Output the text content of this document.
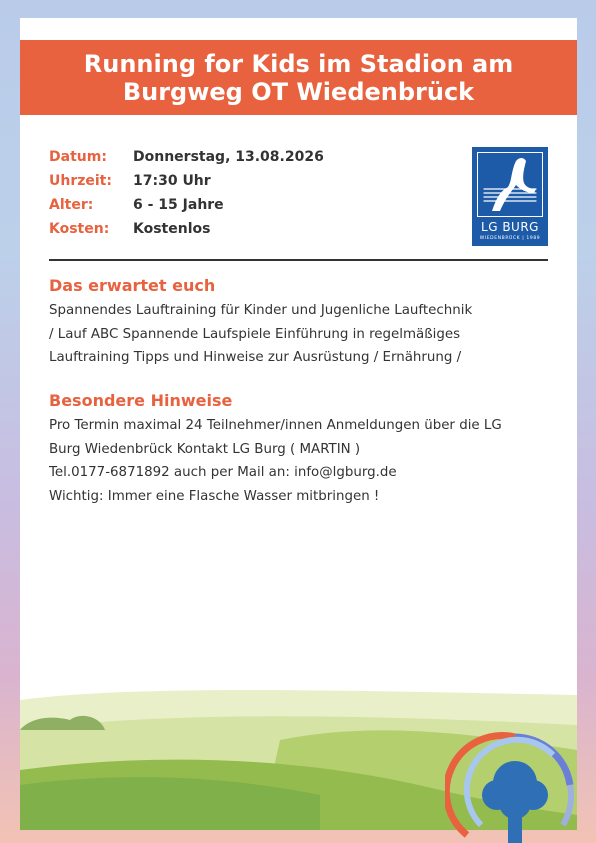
Running for Kids im Stadion am
Burgweg OT Wiedenbrück
Datum:	Donnerstag, 13.08.2026
Uhrzeit:	17:30 Uhr
Alter:	6 - 15 Jahre
Kosten:	Kostenlos	LG BURG
WIEDENBRÜCK | 1989
Das erwartet euch
Spannendes Lauftraining für Kinder und Jugenliche Lauftechnik
/ Lauf ABC Spannende Laufspiele Einführung in regelmäßiges
Lauftraining Tipps und Hinweise zur Ausrüstung / Ernährung /
Besondere Hinweise
Pro Termin maximal 24 Teilnehmer/innen Anmeldungen über die LG
Burg Wiedenbrück Kontakt LG Burg ( MARTIN )
Tel.0177-6871892 auch per Mail an: info@lgburg.de
Wichtig: Immer eine Flasche Wasser mitbringen !
